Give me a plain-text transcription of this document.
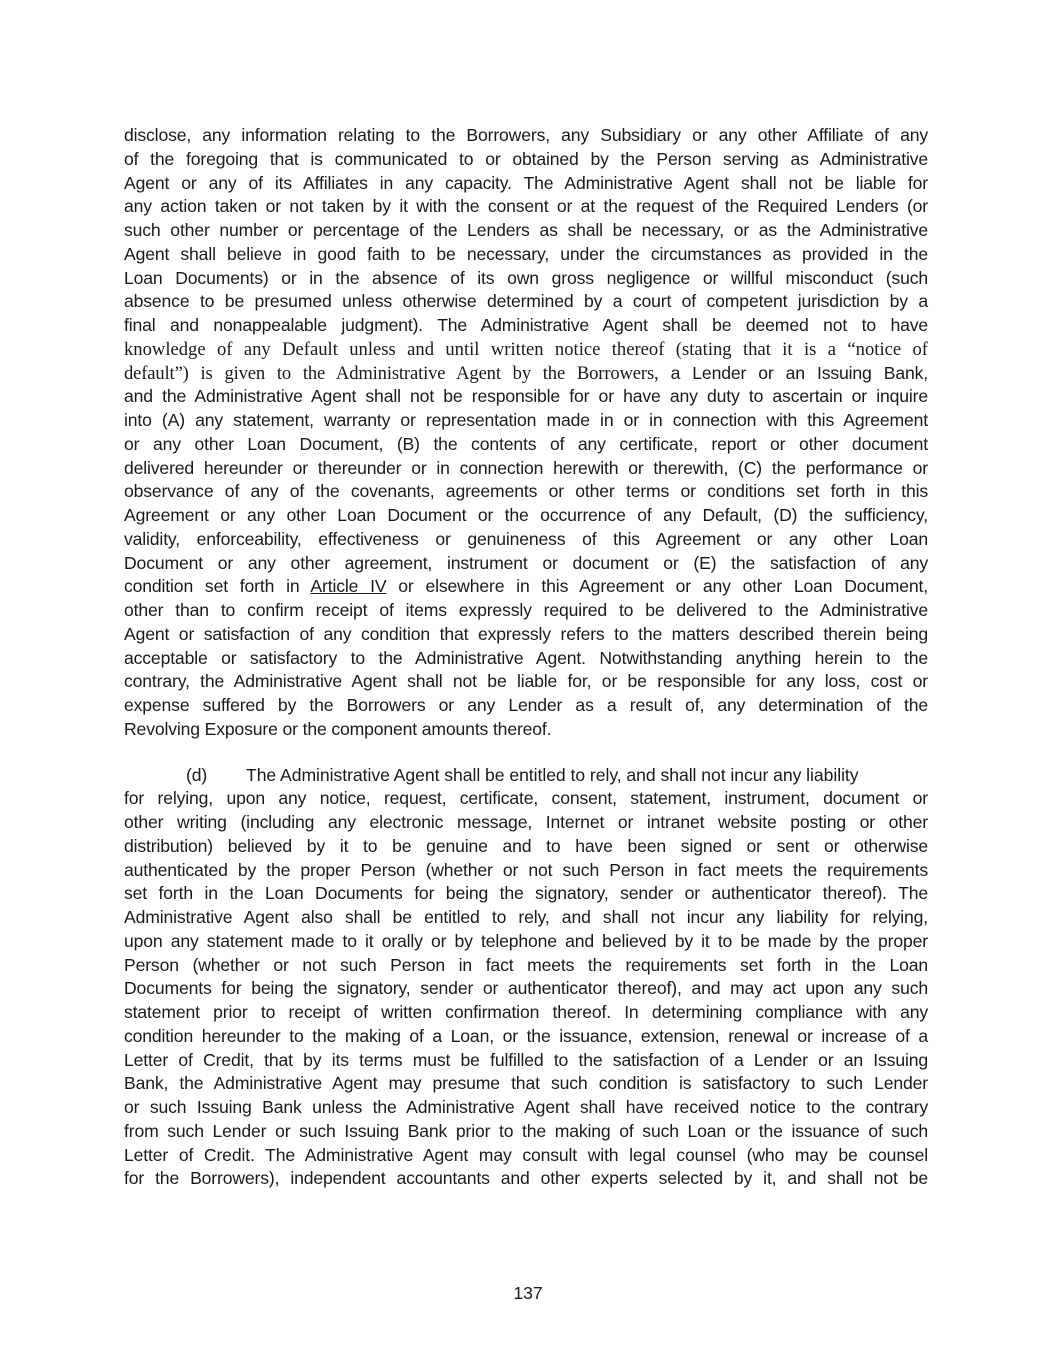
disclose, any information relating to the Borrowers, any Subsidiary or any other Affiliate of any
of the foregoing that is communicated to or obtained by the Person serving as Administrative
Agent or any of its Affiliates in any capacity. The Administrative Agent shall not be liable for
any action taken or not taken by it with the consent or at the request of the Required Lenders (or
such other number or percentage of the Lenders as shall be necessary, or as the Administrative
Agent shall believe in good faith to be necessary, under the circumstances as provided in the
Loan Documents) or in the absence of its own gross negligence or willful misconduct (such
absence to be presumed unless otherwise determined by a court of competent jurisdiction by a
final and nonappealable judgment). The Administrative Agent shall be deemed not to have
knowledge of any Default unless and until written notice thereof (stating that it is a “notice of
default”) is given to the Administrative Agent by the Borrowers, a Lender or an Issuing Bank,
and the Administrative Agent shall not be responsible for or have any duty to ascertain or inquire
into (A) any statement, warranty or representation made in or in connection with this Agreement
or any other Loan Document, (B) the contents of any certificate, report or other document
delivered hereunder or thereunder or in connection herewith or therewith, (C) the performance or
observance of any of the covenants, agreements or other terms or conditions set forth in this
Agreement or any other Loan Document or the occurrence of any Default, (D) the sufficiency,
validity, enforceability, effectiveness or genuineness of this Agreement or any other Loan
Document or any other agreement, instrument or document or (E) the satisfaction of any
condition set forth in Article IV or elsewhere in this Agreement or any other Loan Document,
other than to confirm receipt of items expressly required to be delivered to the Administrative
Agent or satisfaction of any condition that expressly refers to the matters described therein being
acceptable or satisfactory to the Administrative Agent. Notwithstanding anything herein to the
contrary, the Administrative Agent shall not be liable for, or be responsible for any loss, cost or
expense suffered by the Borrowers or any Lender as a result of, any determination of the
Revolving Exposure or the component amounts thereof.
(d) The Administrative Agent shall be entitled to rely, and shall not incur any liability
for relying, upon any notice, request, certificate, consent, statement, instrument, document or
other writing (including any electronic message, Internet or intranet website posting or other
distribution) believed by it to be genuine and to have been signed or sent or otherwise
authenticated by the proper Person (whether or not such Person in fact meets the requirements
set forth in the Loan Documents for being the signatory, sender or authenticator thereof). The
Administrative Agent also shall be entitled to rely, and shall not incur any liability for relying,
upon any statement made to it orally or by telephone and believed by it to be made by the proper
Person (whether or not such Person in fact meets the requirements set forth in the Loan
Documents for being the signatory, sender or authenticator thereof), and may act upon any such
statement prior to receipt of written confirmation thereof. In determining compliance with any
condition hereunder to the making of a Loan, or the issuance, extension, renewal or increase of a
Letter of Credit, that by its terms must be fulfilled to the satisfaction of a Lender or an Issuing
Bank, the Administrative Agent may presume that such condition is satisfactory to such Lender
or such Issuing Bank unless the Administrative Agent shall have received notice to the contrary
from such Lender or such Issuing Bank prior to the making of such Loan or the issuance of such
Letter of Credit. The Administrative Agent may consult with legal counsel (who may be counsel
for the Borrowers), independent accountants and other experts selected by it, and shall not be
137
